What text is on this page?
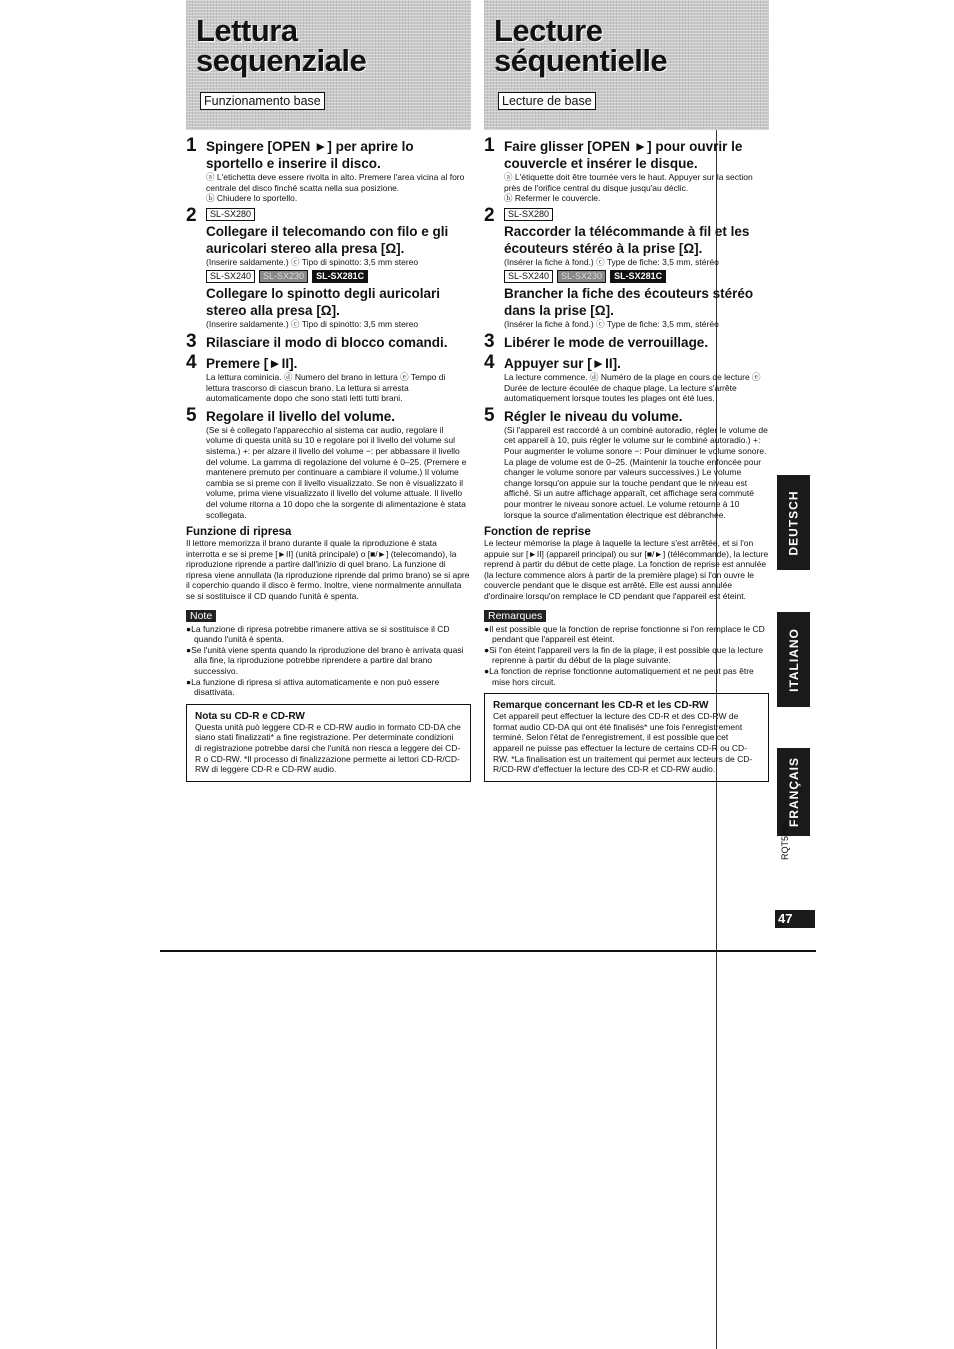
Lettura sequenziale
Funzionamento base
1 Spingere [OPEN ►] per aprire lo sportello e inserire il disco.
ⓐ L'etichetta deve essere rivolta in alto. Premere l'area vicina al foro centrale del disco finché scatta nella sua posizione.
ⓑ Chiudere lo sportello.
2	SL-SX280
Collegare il telecomando con filo e gli auricolari stereo alla presa [Ω].
(Inserire saldamente.) ⓒ Tipo di spinotto: 3,5 mm stereo
SL-SX240 SL-SX230 SL-SX281C
Collegare lo spinotto degli auricolari stereo alla presa [Ω].
(Inserire saldamente.) ⓒ Tipo di spinotto: 3,5 mm stereo
3 Rilasciare il modo di blocco comandi.
4 Premere [►II].
La lettura cominicia. ⓓ Numero del brano in lettura ⓔ Tempo di lettura trascorso di ciascun brano. La lettura si arresta automaticamente dopo che sono stati letti tutti brani.
5 Regolare il livello del volume.
(Se si è collegato l'apparecchio al sistema car audio, regolare il volume di questa unità su 10 e regolare poi il livello del volume sul sistema.) +: per alzare il livello del volume −: per abbassare il livello del volume. La gamma di regolazione del volume è 0–25. (Premere e mantenere premuto per continuare a cambiare il volume.) Il volume cambia se si preme con il livello visualizzato. Se non è visualizzato il volume, prima viene visualizzato il livello del volume attuale. Il livello del volume ritorna a 10 dopo che la sorgente di alimentazione è stata scollegata.
Funzione di ripresa
Il lettore memorizza il brano durante il quale la riproduzione è stata interrotta e se si preme [►II] (unità principale) o [■/►] (telecomando), la riproduzione riprende a partire dall'inizio di quel brano. La funzione di ripresa viene annullata (la riproduzione riprende dal primo brano) se si apre il coperchio quando il disco è fermo. Inoltre, viene normalmente annullata se si sostituisce il CD quando l'unità è spenta.
Note
●La funzione di ripresa potrebbe rimanere attiva se si sostituisce il CD quando l'unità è spenta.
●Se l'unità viene spenta quando la riproduzione del brano è arrivata quasi alla fine, la riproduzione potrebbe riprendere a partire dal brano successivo.
●La funzione di ripresa si attiva automaticamente e non può essere disattivata.
Nota su CD-R e CD-RW
Questa unità può leggere CD-R e CD-RW audio in formato CD-DA che siano stati finalizzati* a fine registrazione. Per determinate condizioni di registrazione potrebbe darsi che l'unità non riesca a leggere dei CD-R o CD-RW. *Il processo di finalizzazione permette ai lettori CD-R/CD-RW di leggere CD-R e CD-RW audio.
Lecture séquentielle
Lecture de base
1 Faire glisser [OPEN ►] pour ouvrir le couvercle et insérer le disque.
ⓐ L'étiquette doit être tournée vers le haut. Appuyer sur la section près de l'orifice central du disque jusqu'au déclic.
ⓑ Refermer le couvercle.
2	SL-SX280
Raccorder la télécommande à fil et les écouteurs stéréo à la prise [Ω].
(Insérer la fiche à fond.) ⓒ Type de fiche: 3,5 mm, stéréo
SL-SX240 SL-SX230 SL-SX281C
Brancher la fiche des écouteurs stéréo dans la prise [Ω].
(Insérer la fiche à fond.) ⓒ Type de fiche: 3,5 mm, stéréo
3 Libérer le mode de verrouillage.
4 Appuyer sur [►II].
La lecture commence. ⓓ Numéro de la plage en cours de lecture ⓔ Durée de lecture écoulée de chaque plage. La lecture s'arrête automatiquement lorsque toutes les plages ont été lues.
5 Régler le niveau du volume.
(Si l'appareil est raccordé à un combiné autoradio, régler le volume de cet appareil à 10, puis régler le volume sur le combiné autoradio.) +: Pour augmenter le volume sonore −: Pour diminuer le volume sonore. La plage de volume est de 0–25. (Maintenir la touche enfoncée pour changer le volume sonore par valeurs successives.) Le volume change lorsqu'on appuie sur la touche pendant que le niveau est affiché. Si un autre affichage apparaît, cet affichage sera commuté pour montrer le niveau sonore actuel. Le volume retourne à 10 lorsque la source d'alimentation électrique est débranchée.
Fonction de reprise
Le lecteur mémorise la plage à laquelle la lecture s'est arrêtée, et si l'on appuie sur [►II] (appareil principal) ou sur [■/►] (télécommande), la lecture reprend à partir du début de cette plage. La fonction de reprise est annulée (la lecture commence alors à partir de la première plage) si l'on ouvre le couvercle pendant que le disque est arrêté. Elle est aussi annulée d'ordinaire lorsqu'on remplace le CD pendant que l'appareil est éteint.
Remarques
●Il est possible que la fonction de reprise fonctionne si l'on remplace le CD pendant que l'appareil est éteint.
●Si l'on éteint l'appareil vers la fin de la plage, il est possible que la lecture reprenne à partir du début de la plage suivante.
●La fonction de reprise fonctionne automatiquement et ne peut pas être mise hors circuit.
Remarque concernant les CD-R et les CD-RW
Cet appareil peut effectuer la lecture des CD-R et des CD-RW de format audio CD-DA qui ont été finalisés* une fois l'enregistrement terminé. Selon l'état de l'enregistrement, il est possible que cet appareil ne puisse pas effectuer la lecture de certains CD-R ou CD-RW. *La finalisation est un traitement qui permet aux lecteurs de CD-R/CD-RW d'effectuer la lecture des CD-R et CD-RW audio.
DEUTSCH
ITALIANO
FRANÇAIS
RQT5790
47
